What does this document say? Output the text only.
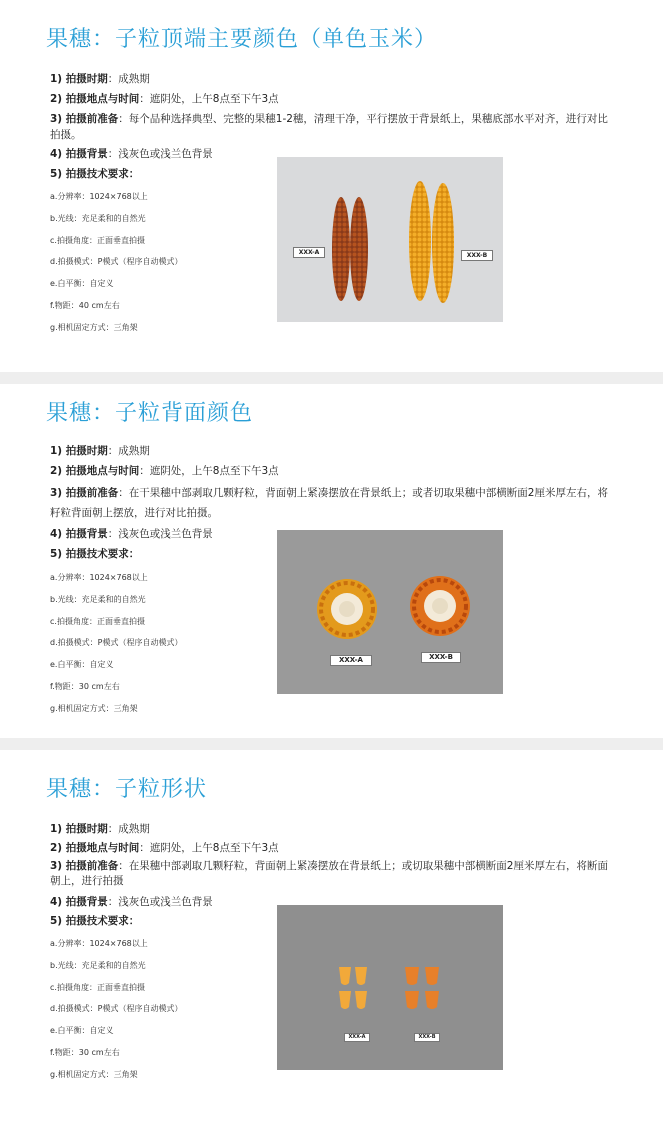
果穗：子粒顶端主要颜色（单色玉米）
1) 拍摄时期：成熟期
2) 拍摄地点与时间：遮阴处，上午8点至下午3点
3) 拍摄前准备：每个品种选择典型、完整的果穗1-2穗，清理干净，平行摆放于背景纸上，果穗底部水平对齐，进行对比拍摄。
4) 拍摄背景：浅灰色或浅兰色背景
5) 拍摄技术要求：
a.分辨率：1024×768以上
b.光线：充足柔和的自然光
c.拍摄角度：正面垂直拍摄
d.拍摄模式：P模式（程序自动模式）
e.白平衡：自定义
f.物距：40 cm左右
g.相机固定方式：三角架
XXX-A	XXX-B
果穗：子粒背面颜色
1) 拍摄时期：成熟期
2) 拍摄地点与时间：遮阴处，上午8点至下午3点
3) 拍摄前准备：在干果穗中部剥取几颗籽粒，背面朝上紧凑摆放在背景纸上；或者切取果穗中部横断面2厘米厚左右，将籽粒背面朝上摆放，进行对比拍摄。
4) 拍摄背景：浅灰色或浅兰色背景
5) 拍摄技术要求：
a.分辨率：1024×768以上
b.光线：充足柔和的自然光
c.拍摄角度：正面垂直拍摄
d.拍摄模式：P模式（程序自动模式）
e.白平衡：自定义
f.物距：30 cm左右
g.相机固定方式：三角架
XXX-A	XXX-B
果穗：子粒形状
1) 拍摄时期：成熟期
2) 拍摄地点与时间：遮阴处，上午8点至下午3点
3) 拍摄前准备：在果穗中部剥取几颗籽粒，背面朝上紧凑摆放在背景纸上；或切取果穗中部横断面2厘米厚左右，将断面朝上，进行拍摄
4) 拍摄背景：浅灰色或浅兰色背景
5) 拍摄技术要求：
a.分辨率：1024×768以上
b.光线：充足柔和的自然光
c.拍摄角度：正面垂直拍摄
d.拍摄模式：P模式（程序自动模式）
e.白平衡：自定义
f.物距：30 cm左右
g.相机固定方式：三角架
XXX-A	XXX-B
